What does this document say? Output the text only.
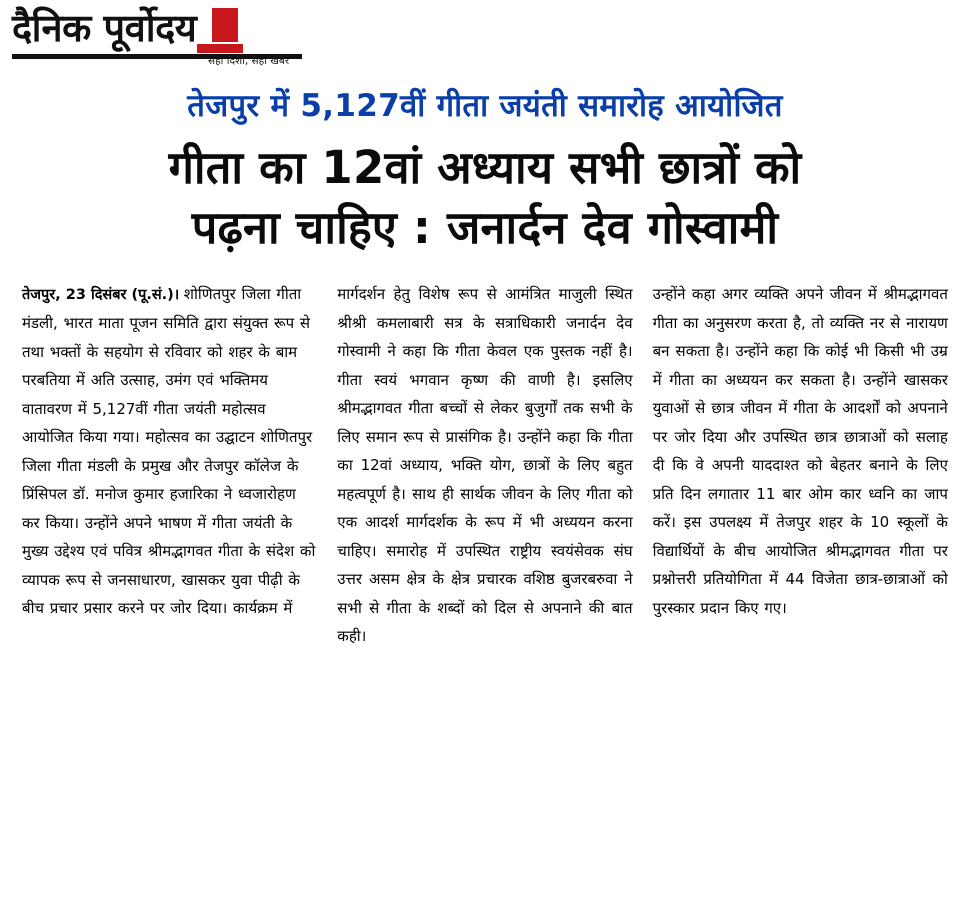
दैनिक पूर्वोदय
सही दिशा, सही खबर
तेजपुर में 5,127वीं गीता जयंती समारोह आयोजित
गीता का 12वां अध्याय सभी छात्रों को
पढ़ना चाहिए : जनार्दन देव गोस्वामी
तेजपुर, 23 दिसंबर (पू.सं.)। शोणितपुर जिला गीता मंडली, भारत माता पूजन समिति द्वारा संयुक्त रूप से तथा भक्तों के सहयोग से रविवार को शहर के बाम परबतिया में अति उत्साह, उमंग एवं भक्तिमय वातावरण में 5,127वीं गीता जयंती महोत्सव आयोजित किया गया। महोत्सव का उद्घाटन शोणितपुर जिला गीता मंडली के प्रमुख और तेजपुर कॉलेज के प्रिंसिपल डॉ. मनोज कुमार हजारिका ने ध्वजारोहण कर किया। उन्होंने अपने भाषण में गीता जयंती के मुख्य उद्देश्य एवं पवित्र श्रीमद्भागवत गीता के संदेश को व्यापक रूप से जनसाधारण, खासकर युवा पीढ़ी के बीच प्रचार प्रसार करने पर जोर दिया। कार्यक्रम में
मार्गदर्शन हेतु विशेष रूप से आमंत्रित माजुली स्थित श्रीश्री कमलाबारी सत्र के सत्राधिकारी जनार्दन देव गोस्वामी ने कहा कि गीता केवल एक पुस्तक नहीं है। गीता स्वयं भगवान कृष्ण की वाणी है। इसलिए श्रीमद्भागवत गीता बच्चों से लेकर बुजुर्गों तक सभी के लिए समान रूप से प्रासंगिक है। उन्होंने कहा कि गीता का 12वां अध्याय, भक्ति योग, छात्रों के लिए बहुत महत्वपूर्ण है। साथ ही सार्थक जीवन के लिए गीता को एक आदर्श मार्गदर्शक के रूप में भी अध्ययन करना चाहिए। समारोह में उपस्थित राष्ट्रीय स्वयंसेवक संघ उत्तर असम क्षेत्र के क्षेत्र प्रचारक वशिष्ठ बुजरबरुवा ने सभी से गीता के शब्दों को दिल से अपनाने की बात कही।
उन्होंने कहा अगर व्यक्ति अपने जीवन में श्रीमद्भागवत गीता का अनुसरण करता है, तो व्यक्ति नर से नारायण बन सकता है। उन्होंने कहा कि कोई भी किसी भी उम्र में गीता का अध्ययन कर सकता है। उन्होंने खासकर युवाओं से छात्र जीवन में गीता के आदर्शों को अपनाने पर जोर दिया और उपस्थित छात्र छात्राओं को सलाह दी कि वे अपनी याददाश्त को बेहतर बनाने के लिए प्रति दिन लगातार 11 बार ओम कार ध्वनि का जाप करें। इस उपलक्ष्य में तेजपुर शहर के 10 स्कूलों के विद्यार्थियों के बीच आयोजित श्रीमद्भागवत गीता पर प्रश्नोत्तरी प्रतियोगिता में 44 विजेता छात्र-छात्राओं को पुरस्कार प्रदान किए गए।
